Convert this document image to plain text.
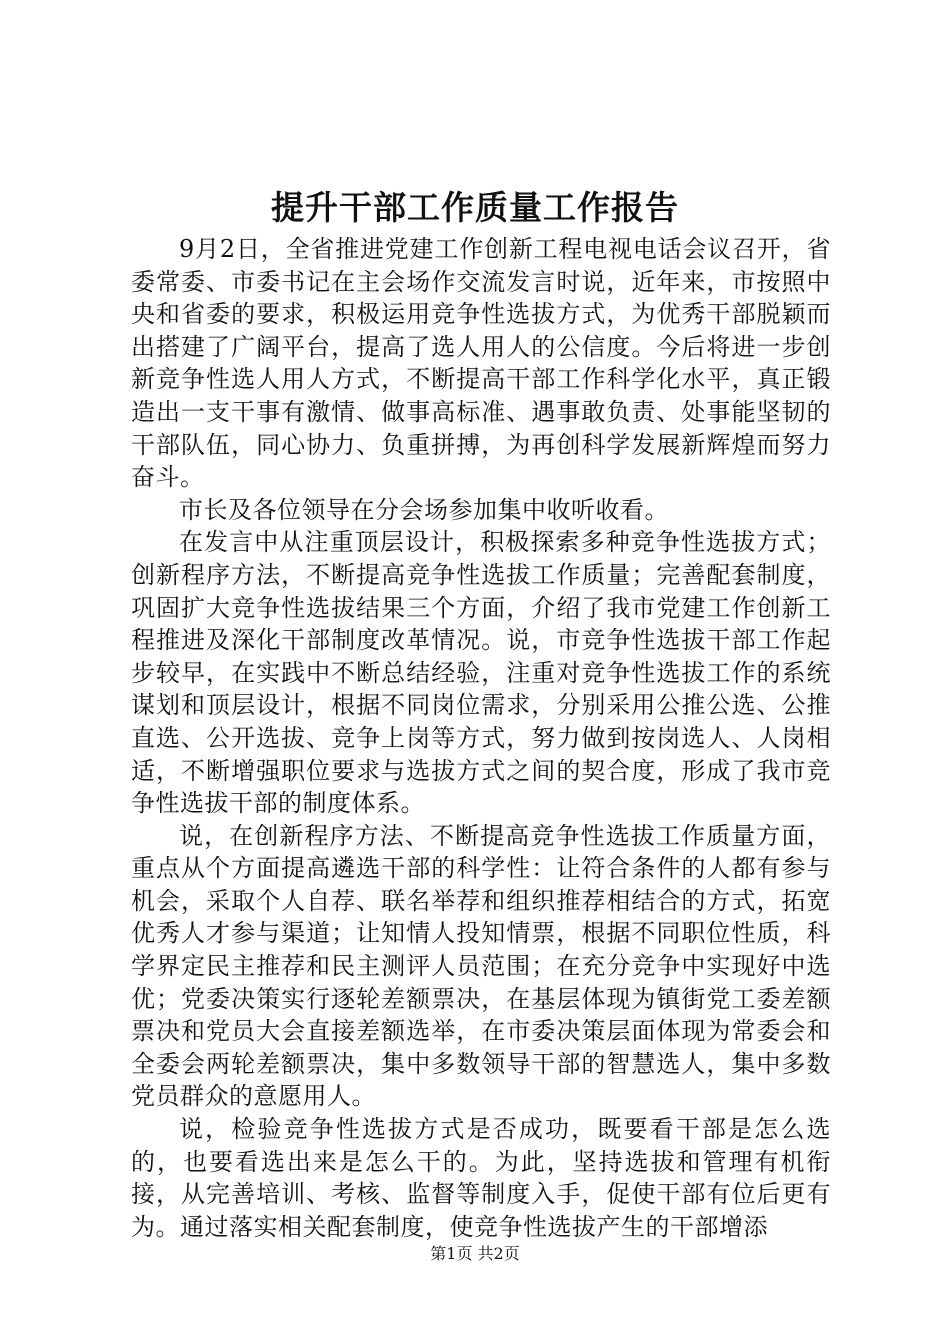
提升干部工作质量工作报告

9月2日，全省推进党建工作创新工程电视电话会议召开，省委常委、市委书记在主会场作交流发言时说，近年来，市按照中央和省委的要求，积极运用竞争性选拔方式，为优秀干部脱颖而出搭建了广阔平台，提高了选人用人的公信度。今后将进一步创新竞争性选人用人方式，不断提高干部工作科学化水平，真正锻造出一支干事有激情、做事高标准、遇事敢负责、处事能坚韧的干部队伍，同心协力、负重拼搏，为再创科学发展新辉煌而努力奋斗。

市长及各位领导在分会场参加集中收听收看。

在发言中从注重顶层设计，积极探索多种竞争性选拔方式；创新程序方法，不断提高竞争性选拔工作质量；完善配套制度，巩固扩大竞争性选拔结果三个方面，介绍了我市党建工作创新工程推进及深化干部制度改革情况。说，市竞争性选拔干部工作起步较早，在实践中不断总结经验，注重对竞争性选拔工作的系统谋划和顶层设计，根据不同岗位需求，分别采用公推公选、公推直选、公开选拔、竞争上岗等方式，努力做到按岗选人、人岗相适，不断增强职位要求与选拔方式之间的契合度，形成了我市竞争性选拔干部的制度体系。

说，在创新程序方法、不断提高竞争性选拔工作质量方面，重点从个方面提高遴选干部的科学性：让符合条件的人都有参与机会，采取个人自荐、联名举荐和组织推荐相结合的方式，拓宽优秀人才参与渠道；让知情人投知情票，根据不同职位性质，科学界定民主推荐和民主测评人员范围；在充分竞争中实现好中选优；党委决策实行逐轮差额票决，在基层体现为镇街党工委差额票决和党员大会直接差额选举，在市委决策层面体现为常委会和全委会两轮差额票决，集中多数领导干部的智慧选人，集中多数党员群众的意愿用人。

说，检验竞争性选拔方式是否成功，既要看干部是怎么选的，也要看选出来是怎么干的。为此，坚持选拔和管理有机衔接，从完善培训、考核、监督等制度入手，促使干部有位后更有为。通过落实相关配套制度，使竞争性选拔产生的干部增添

第1页 共2页
